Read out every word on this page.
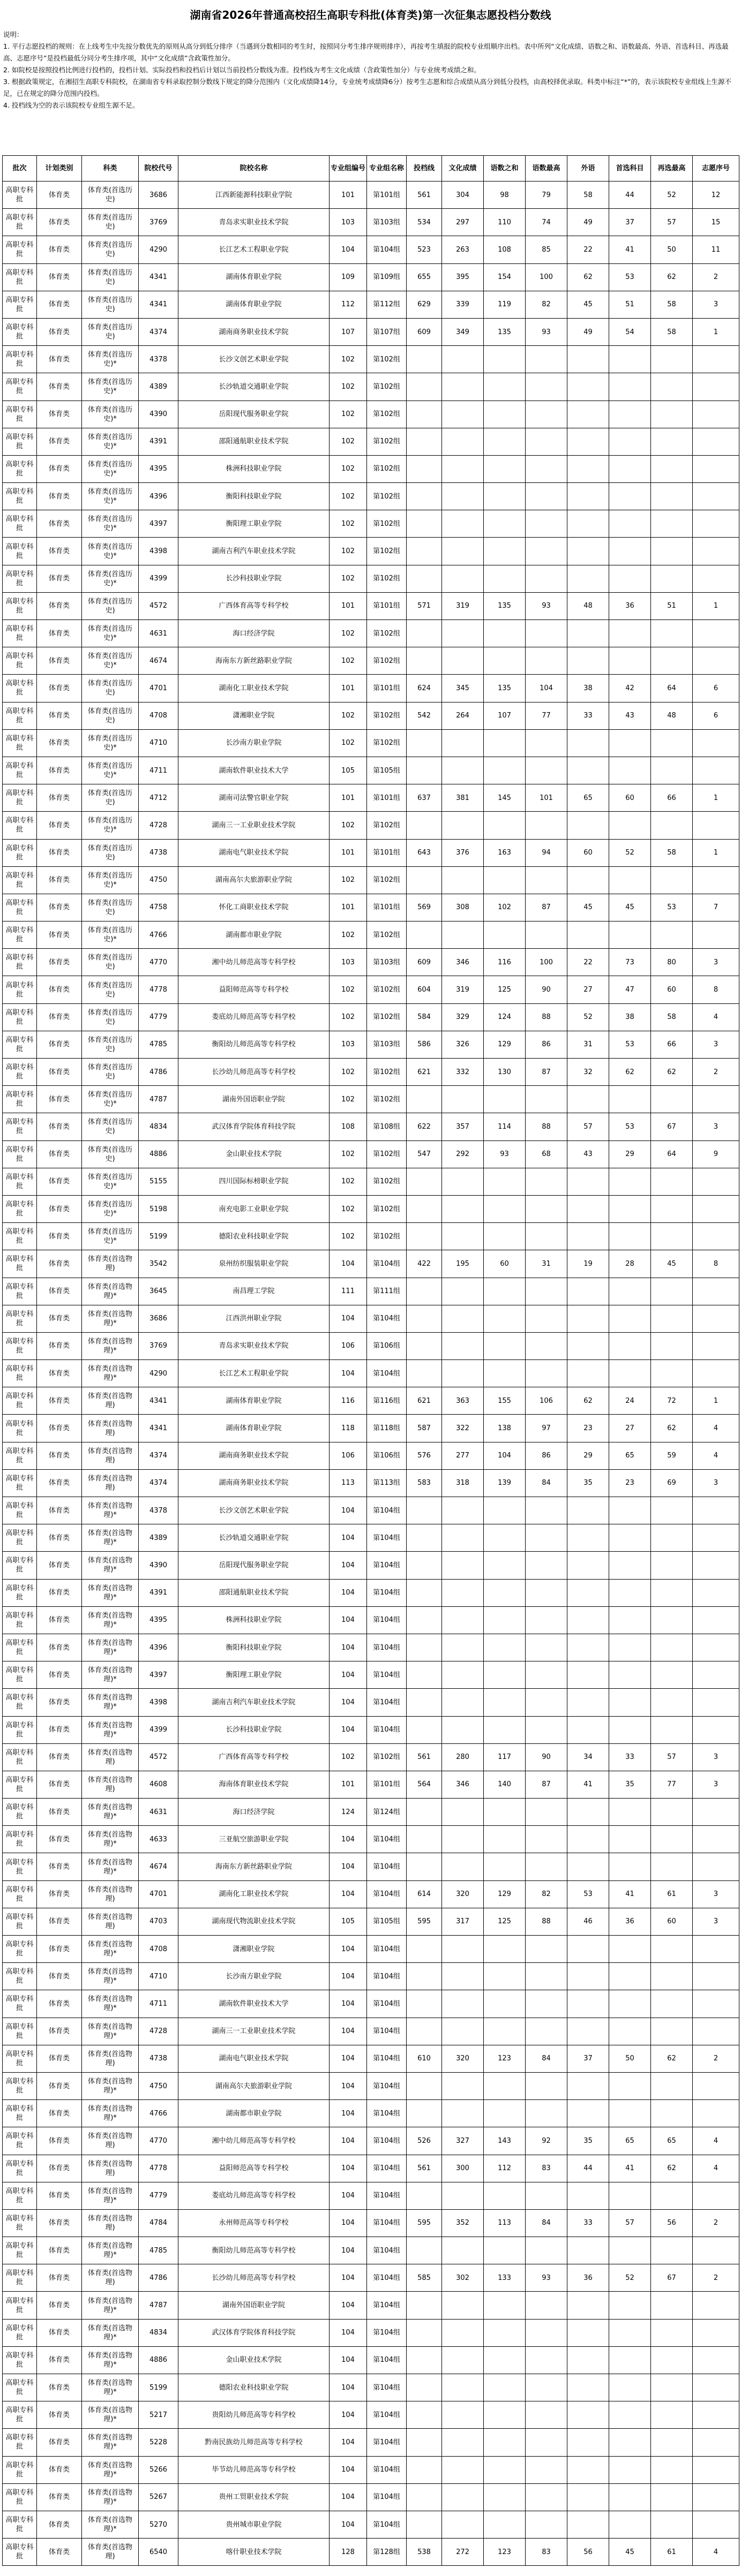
湖南省2026年普通高校招生高职专科批(体育类)第一次征集志愿投档分数线

说明：

1. 平行志愿投档的规则：在上线考生中先按分数优先的原则从高分到低分排序（当遇到分数相同的考生时，按照同分考生排序规则排序），再按考生填报的院校专业组顺序出档。表中所列“文化成绩、语数之和、语数最高、外语、首选科目、再选最高、志愿序号”是投档最低分同分考生排序项，其中“文化成绩”含政策性加分。

2. 如院校是按照投档比例进行投档的，投档计划、实际投档和投档后计划以当前投档分数线为准。投档线为考生文化成绩（含政策性加分）与专业统考成绩之和。

3. 根据政策规定，在湘招生高职专科院校，在湖南省专科录取控制分数线下规定的降分范围内（文化成绩降14分，专业统考成绩降6分）按考生志愿和综合成绩从高分到低分投档，由高校择优录取。科类中标注“*”的，表示该院校专业组线上生源不足，已在规定的降分范围内投档。

4. 投档线为空的表示该院校专业组生源不足。

批次	计划类别	科类	院校代号	院校名称	专业组编号	专业组名称	投档线	文化成绩	语数之和	语数最高	外语	首选科目	再选最高	志愿序号
高职专科批	体育类	体育类(首选历史)	3686	江西新能源科技职业学院	101	第101组	561	304	98	79	58	44	52	12
高职专科批	体育类	体育类(首选历史)	3769	青岛求实职业技术学院	103	第103组	534	297	110	74	49	37	57	15
高职专科批	体育类	体育类(首选历史)	4290	长江艺术工程职业学院	104	第104组	523	263	108	85	22	41	50	11
高职专科批	体育类	体育类(首选历史)	4341	湖南体育职业学院	109	第109组	655	395	154	100	62	53	62	2
高职专科批	体育类	体育类(首选历史)	4341	湖南体育职业学院	112	第112组	629	339	119	82	45	51	58	3
高职专科批	体育类	体育类(首选历史)	4374	湖南商务职业技术学院	107	第107组	609	349	135	93	49	54	58	1
高职专科批	体育类	体育类(首选历史)*	4378	长沙文创艺术职业学院	102	第102组								
高职专科批	体育类	体育类(首选历史)*	4389	长沙轨道交通职业学院	102	第102组								
高职专科批	体育类	体育类(首选历史)*	4390	岳阳现代服务职业学院	102	第102组								
高职专科批	体育类	体育类(首选历史)*	4391	邵阳通航职业技术学院	102	第102组								
高职专科批	体育类	体育类(首选历史)*	4395	株洲科技职业学院	102	第102组								
高职专科批	体育类	体育类(首选历史)*	4396	衡阳科技职业学院	102	第102组								
高职专科批	体育类	体育类(首选历史)*	4397	衡阳理工职业学院	102	第102组								
高职专科批	体育类	体育类(首选历史)*	4398	湖南吉利汽车职业技术学院	102	第102组								
高职专科批	体育类	体育类(首选历史)*	4399	长沙科技职业学院	102	第102组								
高职专科批	体育类	体育类(首选历史)	4572	广西体育高等专科学校	101	第101组	571	319	135	93	48	36	51	1
高职专科批	体育类	体育类(首选历史)*	4631	海口经济学院	102	第102组								
高职专科批	体育类	体育类(首选历史)*	4674	海南东方新丝路职业学院	102	第102组								
高职专科批	体育类	体育类(首选历史)	4701	湖南化工职业技术学院	101	第101组	624	345	135	104	38	42	64	6
高职专科批	体育类	体育类(首选历史)	4708	潇湘职业学院	102	第102组	542	264	107	77	33	43	48	6
高职专科批	体育类	体育类(首选历史)*	4710	长沙南方职业学院	102	第102组								
高职专科批	体育类	体育类(首选历史)*	4711	湖南软件职业技术大学	105	第105组								
高职专科批	体育类	体育类(首选历史)	4712	湖南司法警官职业学院	101	第101组	637	381	145	101	65	60	66	1
高职专科批	体育类	体育类(首选历史)*	4728	湖南三一工业职业技术学院	102	第102组								
高职专科批	体育类	体育类(首选历史)	4738	湖南电气职业技术学院	101	第101组	643	376	163	94	60	52	58	1
高职专科批	体育类	体育类(首选历史)*	4750	湖南高尔夫旅游职业学院	102	第102组								
高职专科批	体育类	体育类(首选历史)	4758	怀化工商职业技术学院	101	第101组	569	308	102	87	45	45	53	7
高职专科批	体育类	体育类(首选历史)*	4766	湖南都市职业学院	102	第102组								
高职专科批	体育类	体育类(首选历史)	4770	湘中幼儿师范高等专科学校	103	第103组	609	346	116	100	22	73	80	3
高职专科批	体育类	体育类(首选历史)	4778	益阳师范高等专科学校	102	第102组	604	319	125	90	27	47	60	8
高职专科批	体育类	体育类(首选历史)	4779	娄底幼儿师范高等专科学校	102	第102组	584	329	124	88	52	38	58	4
高职专科批	体育类	体育类(首选历史)	4785	衡阳幼儿师范高等专科学校	103	第103组	586	326	129	86	31	53	66	3
高职专科批	体育类	体育类(首选历史)	4786	长沙幼儿师范高等专科学校	102	第102组	621	332	130	87	32	62	62	2
高职专科批	体育类	体育类(首选历史)*	4787	湖南外国语职业学院	102	第102组								
高职专科批	体育类	体育类(首选历史)	4834	武汉体育学院体育科技学院	108	第108组	622	357	114	88	57	53	67	3
高职专科批	体育类	体育类(首选历史)	4886	金山职业技术学院	102	第102组	547	292	93	68	43	29	64	9
高职专科批	体育类	体育类(首选历史)*	5155	四川国际标榜职业学院	102	第102组								
高职专科批	体育类	体育类(首选历史)*	5198	南充电影工业职业学院	102	第102组								
高职专科批	体育类	体育类(首选历史)*	5199	德阳农业科技职业学院	102	第102组								
高职专科批	体育类	体育类(首选物理)	3542	泉州纺织服装职业学院	104	第104组	422	195	60	31	19	28	45	8
高职专科批	体育类	体育类(首选物理)*	3645	南昌理工学院	111	第111组								
高职专科批	体育类	体育类(首选物理)*	3686	江西洪州职业学院	104	第104组								
高职专科批	体育类	体育类(首选物理)*	3769	青岛求实职业技术学院	106	第106组								
高职专科批	体育类	体育类(首选物理)*	4290	长江艺术工程职业学院	104	第104组								
高职专科批	体育类	体育类(首选物理)	4341	湖南体育职业学院	116	第116组	621	363	155	106	62	24	72	1
高职专科批	体育类	体育类(首选物理)	4341	湖南体育职业学院	118	第118组	587	322	138	97	23	27	62	4
高职专科批	体育类	体育类(首选物理)	4374	湖南商务职业技术学院	106	第106组	576	277	104	86	29	65	59	4
高职专科批	体育类	体育类(首选物理)	4374	湖南商务职业技术学院	113	第113组	583	318	139	84	35	23	69	3
高职专科批	体育类	体育类(首选物理)*	4378	长沙文创艺术职业学院	104	第104组								
高职专科批	体育类	体育类(首选物理)*	4389	长沙轨道交通职业学院	104	第104组								
高职专科批	体育类	体育类(首选物理)*	4390	岳阳现代服务职业学院	104	第104组								
高职专科批	体育类	体育类(首选物理)*	4391	邵阳通航职业技术学院	104	第104组								
高职专科批	体育类	体育类(首选物理)*	4395	株洲科技职业学院	104	第104组								
高职专科批	体育类	体育类(首选物理)*	4396	衡阳科技职业学院	104	第104组								
高职专科批	体育类	体育类(首选物理)*	4397	衡阳理工职业学院	104	第104组								
高职专科批	体育类	体育类(首选物理)*	4398	湖南吉利汽车职业技术学院	104	第104组								
高职专科批	体育类	体育类(首选物理)*	4399	长沙科技职业学院	104	第104组								
高职专科批	体育类	体育类(首选物理)	4572	广西体育高等专科学校	102	第102组	561	280	117	90	34	33	57	3
高职专科批	体育类	体育类(首选物理)	4608	海南体育职业技术学院	101	第101组	564	346	140	87	41	35	77	3
高职专科批	体育类	体育类(首选物理)*	4631	海口经济学院	124	第124组								
高职专科批	体育类	体育类(首选物理)*	4633	三亚航空旅游职业学院	104	第104组								
高职专科批	体育类	体育类(首选物理)*	4674	海南东方新丝路职业学院	104	第104组								
高职专科批	体育类	体育类(首选物理)	4701	湖南化工职业技术学院	104	第104组	614	320	129	82	53	41	61	3
高职专科批	体育类	体育类(首选物理)	4703	湖南现代物流职业技术学院	105	第105组	595	317	125	88	46	36	60	3
高职专科批	体育类	体育类(首选物理)*	4708	潇湘职业学院	104	第104组								
高职专科批	体育类	体育类(首选物理)*	4710	长沙南方职业学院	104	第104组								
高职专科批	体育类	体育类(首选物理)*	4711	湖南软件职业技术大学	104	第104组								
高职专科批	体育类	体育类(首选物理)*	4728	湖南三一工业职业技术学院	104	第104组								
高职专科批	体育类	体育类(首选物理)	4738	湖南电气职业技术学院	104	第104组	610	320	123	84	37	50	62	2
高职专科批	体育类	体育类(首选物理)*	4750	湖南高尔夫旅游职业学院	104	第104组								
高职专科批	体育类	体育类(首选物理)*	4766	湖南都市职业学院	104	第104组								
高职专科批	体育类	体育类(首选物理)	4770	湘中幼儿师范高等专科学校	104	第104组	526	327	143	92	35	65	65	4
高职专科批	体育类	体育类(首选物理)	4778	益阳师范高等专科学校	104	第104组	561	300	112	83	44	41	62	4
高职专科批	体育类	体育类(首选物理)*	4779	娄底幼儿师范高等专科学校	104	第104组								
高职专科批	体育类	体育类(首选物理)	4784	永州师范高等专科学校	104	第104组	595	352	113	84	33	57	56	2
高职专科批	体育类	体育类(首选物理)*	4785	衡阳幼儿师范高等专科学校	104	第104组								
高职专科批	体育类	体育类(首选物理)	4786	长沙幼儿师范高等专科学校	104	第104组	585	302	133	93	36	52	67	2
高职专科批	体育类	体育类(首选物理)*	4787	湖南外国语职业学院	104	第104组								
高职专科批	体育类	体育类(首选物理)*	4834	武汉体育学院体育科技学院	104	第104组								
高职专科批	体育类	体育类(首选物理)*	4886	金山职业技术学院	104	第104组								
高职专科批	体育类	体育类(首选物理)*	5199	德阳农业科技职业学院	104	第104组								
高职专科批	体育类	体育类(首选物理)*	5217	贵阳幼儿师范高等专科学校	104	第104组								
高职专科批	体育类	体育类(首选物理)*	5228	黔南民族幼儿师范高等专科学校	104	第104组								
高职专科批	体育类	体育类(首选物理)*	5266	毕节幼儿师范高等专科学校	104	第104组								
高职专科批	体育类	体育类(首选物理)*	5267	贵州工贸职业技术学院	104	第104组								
高职专科批	体育类	体育类(首选物理)*	5270	贵州城市职业学院	104	第104组								
高职专科批	体育类	体育类(首选物理)	6540	喀什职业技术学院	128	第128组	538	272	123	83	56	45	61	4
